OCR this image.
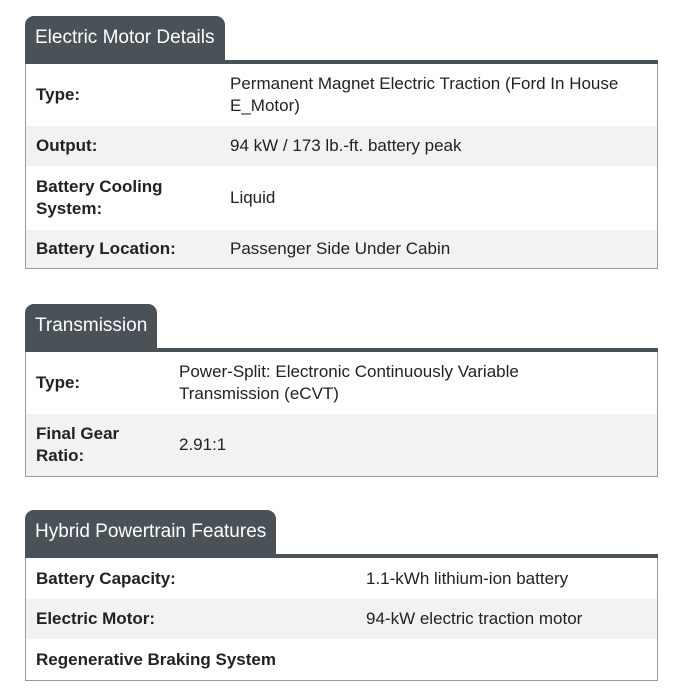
Electric Motor Details
Type:
Permanent Magnet Electric Traction (Ford In House E_Motor)
Output:	94 kW / 173 lb.-ft. battery peak
Battery Cooling System:
Liquid
Battery Location:	Passenger Side Under Cabin
Transmission
Type:
Power-Split: Electronic Continuously Variable Transmission (eCVT)
Final Gear Ratio:
2.91:1
Hybrid Powertrain Features
Battery Capacity:	1.1-kWh lithium-ion battery
Electric Motor:	94-kW electric traction motor
Regenerative Braking System
